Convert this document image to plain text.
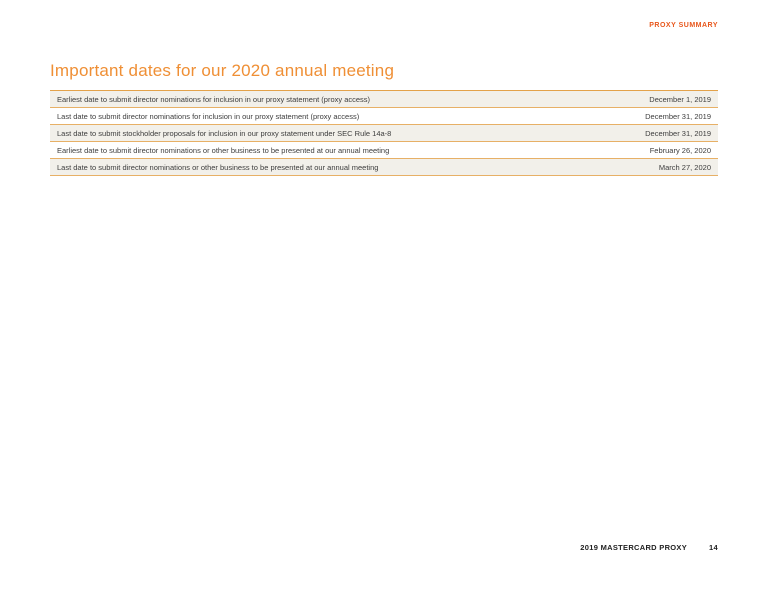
PROXY SUMMARY
Important dates for our 2020 annual meeting
Earliest date to submit director nominations for inclusion in our proxy statement (proxy access)	December 1, 2019
Last date to submit director nominations for inclusion in our proxy statement (proxy access)	December 31, 2019
Last date to submit stockholder proposals for inclusion in our proxy statement under SEC Rule 14a-8	December 31, 2019
Earliest date to submit director nominations or other business to be presented at our annual meeting	February 26, 2020
Last date to submit director nominations or other business to be presented at our annual meeting	March 27, 2020
2019 MASTERCARD PROXY	14
